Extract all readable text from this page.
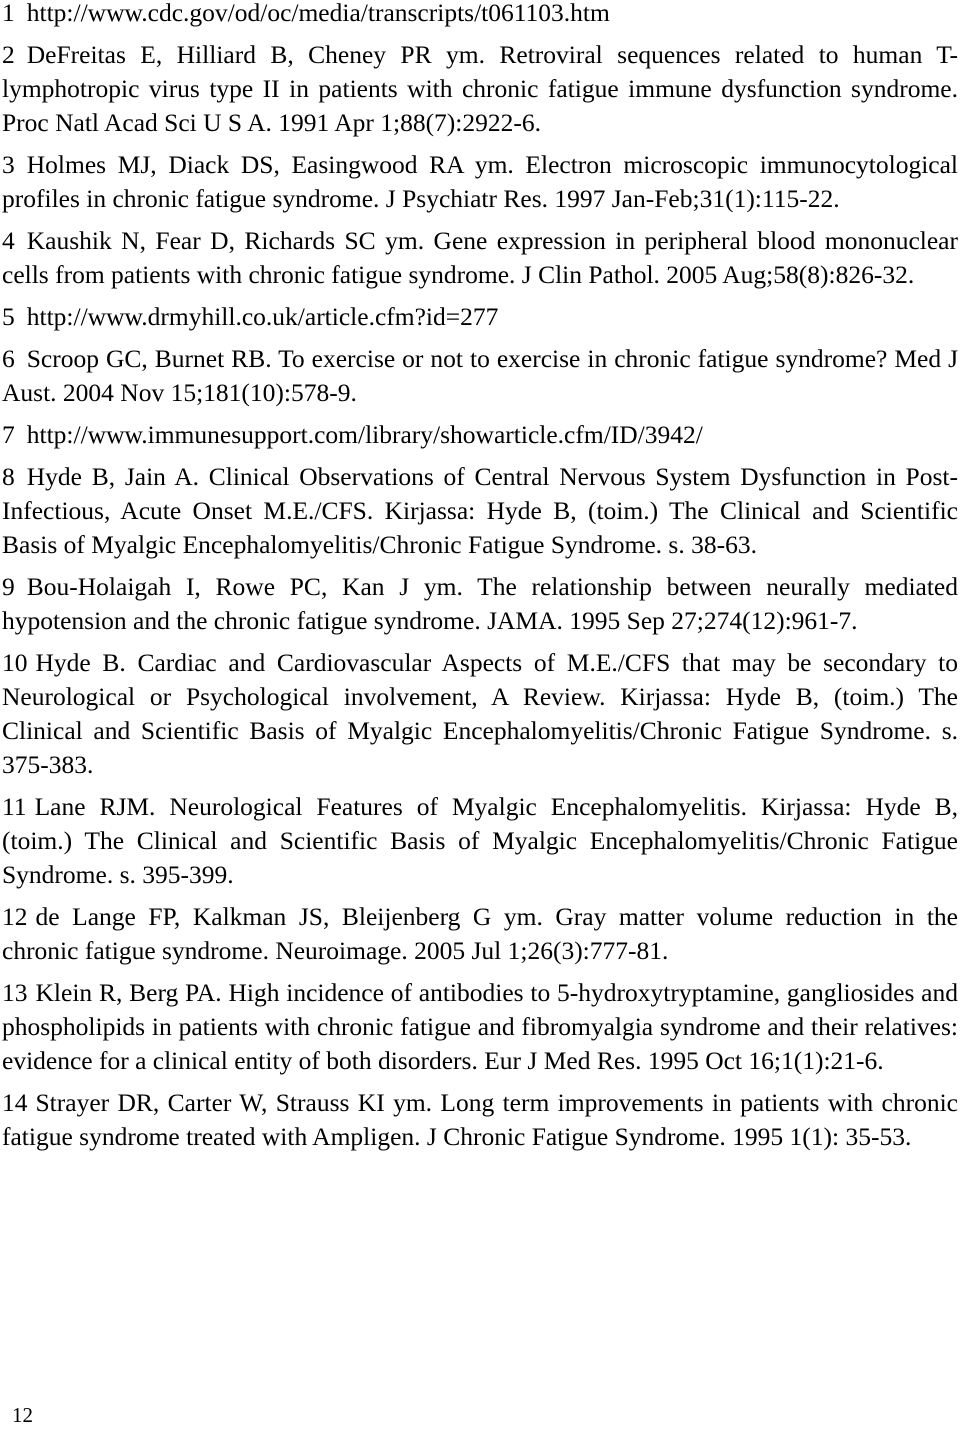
1 http://www.cdc.gov/od/oc/media/transcripts/t061103.htm

2 DeFreitas E, Hilliard B, Cheney PR ym. Retroviral sequences related to human T-lymphotropic virus type II in patients with chronic fatigue immune dysfunction syndrome. Proc Natl Acad Sci U S A. 1991 Apr 1;88(7):2922-6.

3 Holmes MJ, Diack DS, Easingwood RA ym. Electron microscopic immunocytological profiles in chronic fatigue syndrome. J Psychiatr Res. 1997 Jan-Feb;31(1):115-22.

4 Kaushik N, Fear D, Richards SC ym. Gene expression in peripheral blood mononuclear cells from patients with chronic fatigue syndrome. J Clin Pathol. 2005 Aug;58(8):826-32.

5 http://www.drmyhill.co.uk/article.cfm?id=277

6 Scroop GC, Burnet RB. To exercise or not to exercise in chronic fatigue syndrome? Med J Aust. 2004 Nov 15;181(10):578-9.

7 http://www.immunesupport.com/library/showarticle.cfm/ID/3942/

8 Hyde B, Jain A. Clinical Observations of Central Nervous System Dysfunction in Post-Infectious, Acute Onset M.E./CFS. Kirjassa: Hyde B, (toim.) The Clinical and Scientific Basis of Myalgic Encephalomyelitis/Chronic Fatigue Syndrome. s. 38-63.

9 Bou-Holaigah I, Rowe PC, Kan J ym. The relationship between neurally mediated hypotension and the chronic fatigue syndrome. JAMA. 1995 Sep 27;274(12):961-7.

10 Hyde B. Cardiac and Cardiovascular Aspects of M.E./CFS that may be secondary to Neurological or Psychological involvement, A Review. Kirjassa: Hyde B, (toim.) The Clinical and Scientific Basis of Myalgic Encephalomyelitis/Chronic Fatigue Syndrome. s. 375-383.

11 Lane RJM. Neurological Features of Myalgic Encephalomyelitis. Kirjassa: Hyde B, (toim.) The Clinical and Scientific Basis of Myalgic Encephalomyelitis/Chronic Fatigue Syndrome. s. 395-399.

12 de Lange FP, Kalkman JS, Bleijenberg G ym. Gray matter volume reduction in the chronic fatigue syndrome. Neuroimage. 2005 Jul 1;26(3):777-81.

13 Klein R, Berg PA. High incidence of antibodies to 5-hydroxytryptamine, gangliosides and phospholipids in patients with chronic fatigue and fibromyalgia syndrome and their relatives: evidence for a clinical entity of both disorders. Eur J Med Res. 1995 Oct 16;1(1):21-6.

14 Strayer DR, Carter W, Strauss KI ym. Long term improvements in patients with chronic fatigue syndrome treated with Ampligen. J Chronic Fatigue Syndrome. 1995 1(1): 35-53.

12
